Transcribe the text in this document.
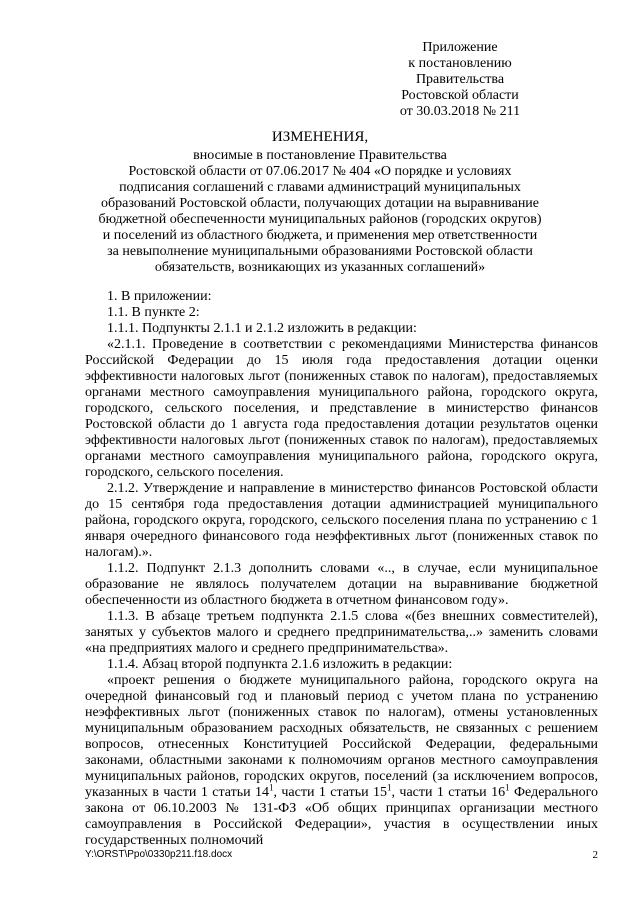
Приложение
к постановлению
Правительства
Ростовской области
от 30.03.2018 № 211
ИЗМЕНЕНИЯ,
вносимые в постановление Правительства
Ростовской области от 07.06.2017 № 404 «О порядке и условиях
подписания соглашений с главами администраций муниципальных
образований Ростовской области, получающих дотации на выравнивание
бюджетной обеспеченности муниципальных районов (городских округов)
и поселений из областного бюджета, и применения мер ответственности
за невыполнение муниципальными образованиями Ростовской области
обязательств, возникающих из указанных соглашений»

1. В приложении:

1.1. В пункте 2:

1.1.1. Подпункты 2.1.1 и 2.1.2 изложить в редакции:

«2.1.1. Проведение в соответствии с рекомендациями Министерства финансов Российской Федерации до 15 июля года предоставления дотации оценки эффективности налоговых льгот (пониженных ставок по налогам), предоставляемых органами местного самоуправления муниципального района, городского округа, городского, сельского поселения, и представление в министерство финансов Ростовской области до 1 августа года предоставления дотации результатов оценки эффективности налоговых льгот (пониженных ставок по налогам), предоставляемых органами местного самоуправления муниципального района, городского округа, городского, сельского поселения.

2.1.2. Утверждение и направление в министерство финансов Ростовской области до 15 сентября года предоставления дотации администрацией муниципального района, городского округа, городского, сельского поселения плана по устранению с 1 января очередного финансового года неэффективных льгот (пониженных ставок по налогам).».

1.1.2. Подпункт 2.1.3 дополнить словами «.., в случае, если муниципальное образование не являлось получателем дотации на выравнивание бюджетной обеспеченности из областного бюджета в отчетном финансовом году».

1.1.3. В абзаце третьем подпункта 2.1.5 слова «(без внешних совместителей), занятых у субъектов малого и среднего предпринимательства,..» заменить словами «на предприятиях малого и среднего предпринимательства».

1.1.4. Абзац второй подпункта 2.1.6 изложить в редакции:

«проект решения о бюджете муниципального района, городского округа на очередной финансовый год и плановый период с учетом плана по устранению неэффективных льгот (пониженных ставок по налогам), отмены установленных муниципальным образованием расходных обязательств, не связанных с решением вопросов, отнесенных Конституцией Российской Федерации, федеральными законами, областными законами к полномочиям органов местного самоуправления муниципальных районов, городских округов, поселений (за исключением вопросов, указанных в части 1 статьи $14^1$, части 1 статьи $15^1$, части 1 статьи $16^1$ Федерального закона от 06.10.2003 № 131-ФЗ «Об общих принципах организации местного самоуправления в Российской Федерации», участия в осуществлении иных государственных полномочий

Y:\ORST\Ppo\0330p211.f18.docx	2
